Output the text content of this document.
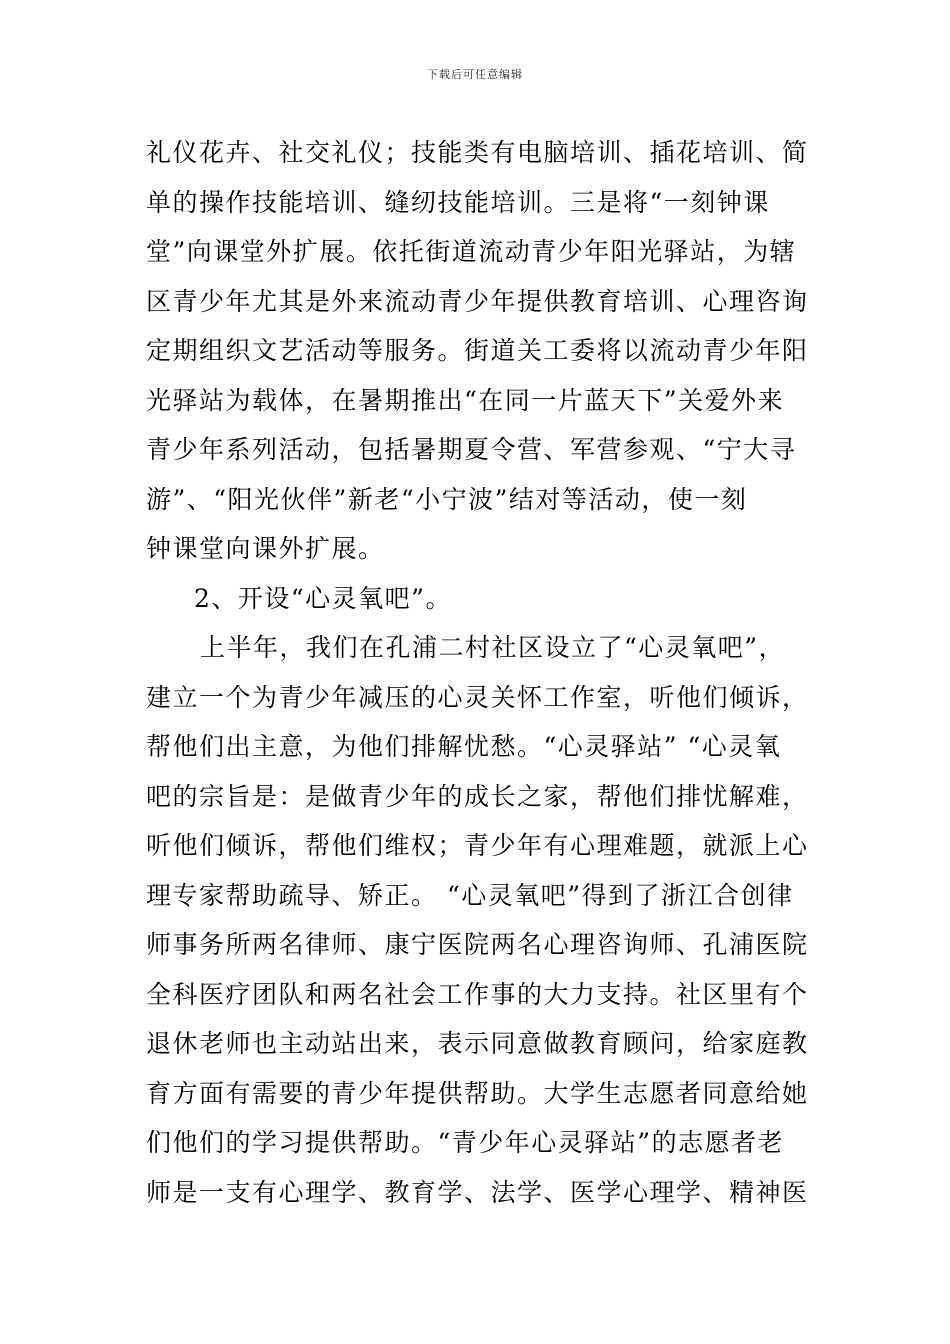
下载后可任意编辑
礼仪花卉、社交礼仪；技能类有电脑培训、插花培训、简
单的操作技能培训、缝纫技能培训。三是将“一刻钟课
堂”向课堂外扩展。依托街道流动青少年阳光驿站，为辖
区青少年尤其是外来流动青少年提供教育培训、心理咨询
定期组织文艺活动等服务。街道关工委将以流动青少年阳
光驿站为载体，在暑期推出“在同一片蓝天下”关爱外来
青少年系列活动，包括暑期夏令营、军营参观、“宁大寻
游”、“阳光伙伴”新老“小宁波”结对等活动，使一刻
钟课堂向课外扩展。
2、开设“心灵氧吧”。
上半年，我们在孔浦二村社区设立了“心灵氧吧”，
建立一个为青少年减压的心灵关怀工作室，听他们倾诉，
帮他们出主意，为他们排解忧愁。“心灵驿站” “心灵氧
吧的宗旨是：是做青少年的成长之家，帮他们排忧解难，
听他们倾诉，帮他们维权；青少年有心理难题，就派上心
理专家帮助疏导、矫正。 “心灵氧吧”得到了浙江合创律
师事务所两名律师、康宁医院两名心理咨询师、孔浦医院
全科医疗团队和两名社会工作事的大力支持。社区里有个
退休老师也主动站出来，表示同意做教育顾问，给家庭教
育方面有需要的青少年提供帮助。大学生志愿者同意给她
们他们的学习提供帮助。“青少年心灵驿站”的志愿者老
师是一支有心理学、教育学、法学、医学心理学、精神医
